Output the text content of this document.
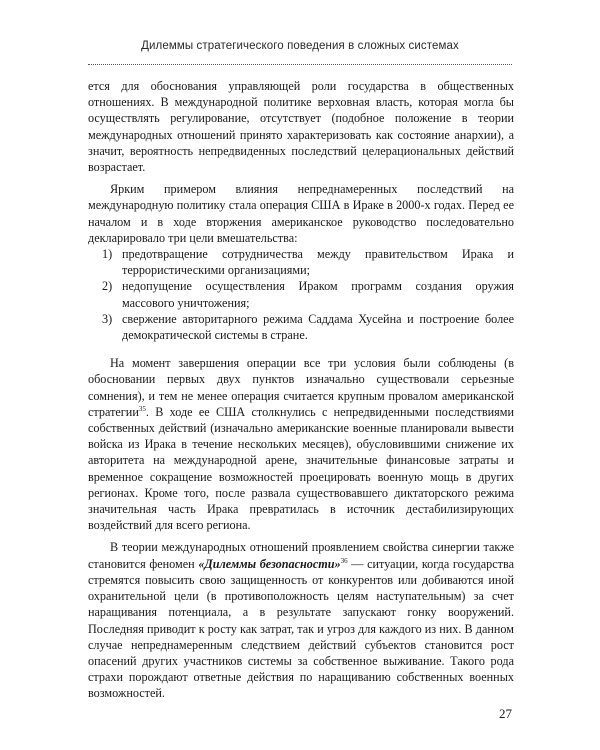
Дилеммы стратегического поведения в сложных системах

ется для обоснования управляющей роли государства в общественных отношениях. В международной политике верховная власть, которая могла бы осуществлять регулирование, отсутствует (подобное положение в теории международных отношений принято характеризовать как состояние анархии), а значит, вероятность непредвиденных последствий целерациональных действий возрастает.

Ярким примером влияния непреднамеренных последствий на международную политику стала операция США в Ираке в 2000-х годах. Перед ее началом и в ходе вторжения американское руководство последовательно декларировало три цели вмешательства:

1) предотвращение сотрудничества между правительством Ирака и террористическими организациями;
2) недопущение осуществления Ираком программ создания оружия массового уничтожения;
3) свержение авторитарного режима Саддама Хусейна и построение более демократической системы в стране.

На момент завершения операции все три условия были соблюдены (в обосновании первых двух пунктов изначально существовали серьезные сомнения), и тем не менее операция считается крупным провалом американской стратегии$^{35}$. В ходе ее США столкнулись с непредвиденными последствиями собственных действий (изначально американские военные планировали вывести войска из Ирака в течение нескольких месяцев), обусловившими снижение их авторитета на международной арене, значительные финансовые затраты и временное сокращение возможностей проецировать военную мощь в других регионах. Кроме того, после развала существовавшего диктаторского режима значительная часть Ирака превратилась в источник дестабилизирующих воздействий для всего региона.

В теории международных отношений проявлением свойства синергии также становится феномен «Дилеммы безопасности»$^{36}$ — ситуации, когда государства стремятся повысить свою защищенность от конкурентов или добиваются иной охранительной цели (в противоположность целям наступательным) за счет наращивания потенциала, а в результате запускают гонку вооружений. Последняя приводит к росту как затрат, так и угроз для каждого из них. В данном случае непреднамеренным следствием действий субъектов становится рост опасений других участников системы за собственное выживание. Такого рода страхи порождают ответные действия по наращиванию собственных военных возможностей.

27
